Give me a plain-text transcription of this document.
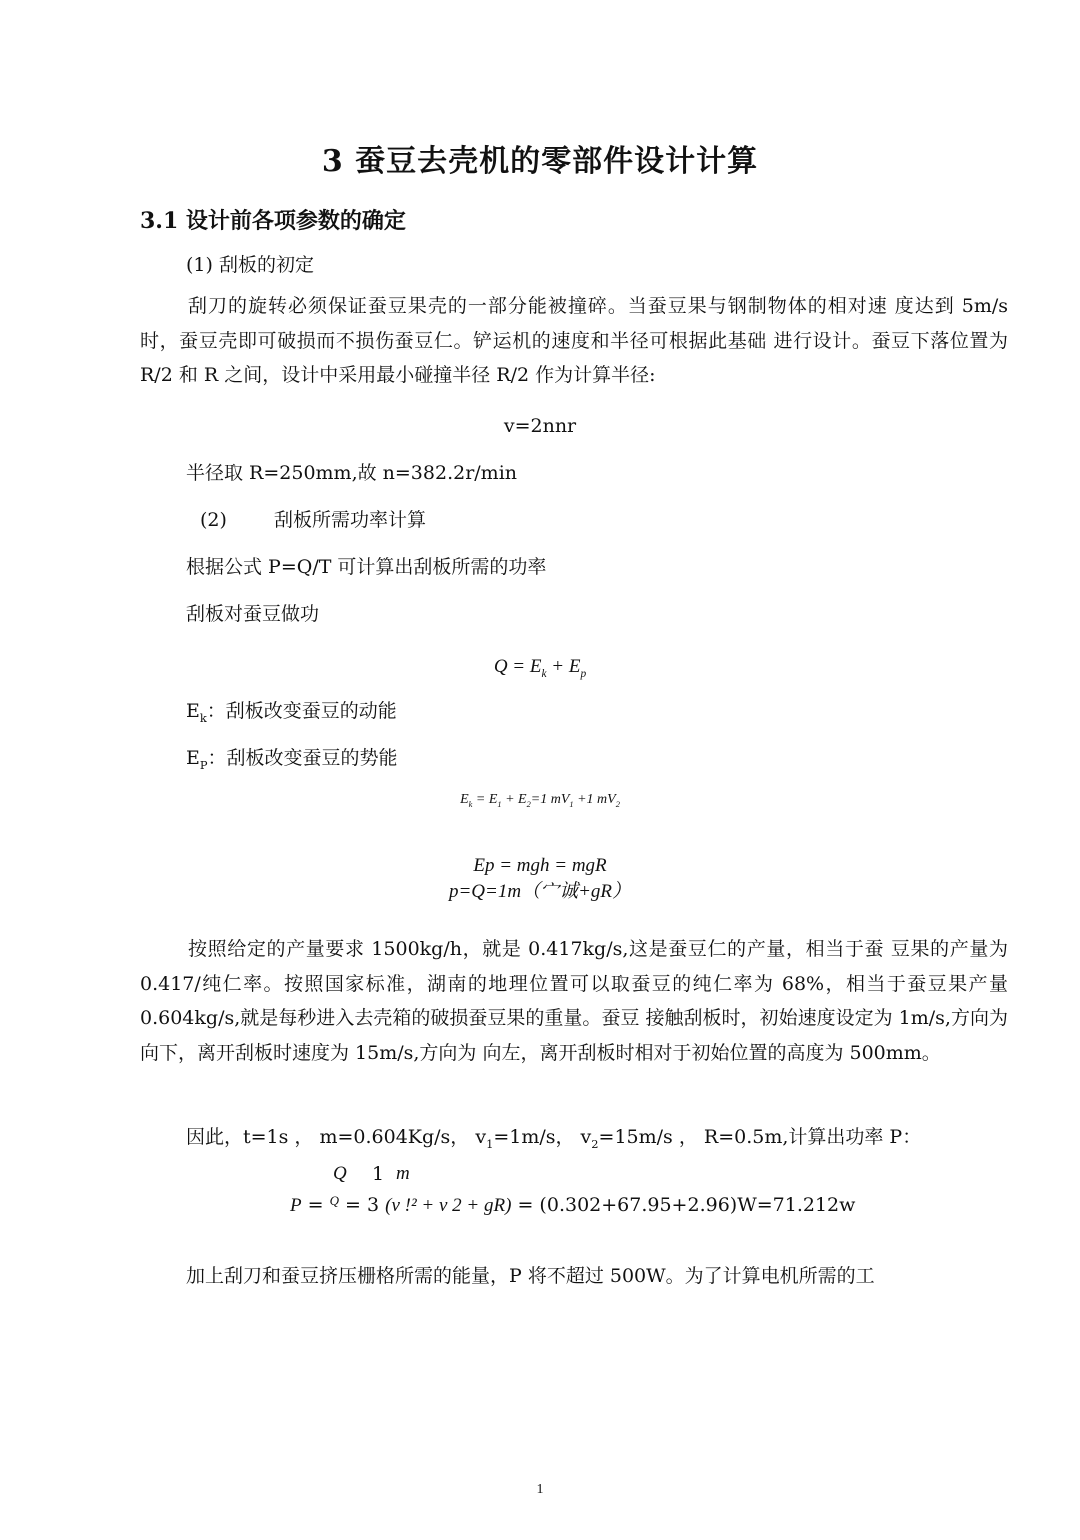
3 蚕豆去壳机的零部件设计计算
3.1 设计前各项参数的确定
(1) 刮板的初定
刮刀的旋转必须保证蚕豆果壳的一部分能被撞碎。当蚕豆果与钢制物体的相对速 度达到 5m/s 时，蚕豆壳即可破损而不损伤蚕豆仁。铲运机的速度和半径可根据此基础 进行设计。蚕豆下落位置为 R/2 和 R 之间，设计中采用最小碰撞半径 R/2 作为计算半径:
v=2nnr
半径取 R=250mm,故 n=382.2r/min
(2) 刮板所需功率计算
根据公式 P=Q/T 可计算出刮板所需的功率
刮板对蚕豆做功
$Q = E_k + E_p$
$E_k$：刮板改变蚕豆的动能
$E_P$：刮板改变蚕豆的势能
$E_k = E_1 + E_2=1$ $mV_1 +1$ $mV_2$
Ep = mgh = mgR
p=Q=1m（宀诚+gR）
按照给定的产量要求 1500kg/h，就是 0.417kg/s,这是蚕豆仁的产量，相当于蚕 豆果的产量为 0.417/纯仁率。按照国家标准，湖南的地理位置可以取蚕豆的纯仁率为 68%，相当于蚕豆果产量 0.604kg/s,就是每秒进入去壳箱的破损蚕豆果的重量。蚕豆 接触刮板时，初始速度设定为 1m/s,方向为向下，离开刮板时速度为 15m/s,方向为 向左，离开刮板时相对于初始位置的高度为 500mm。
因此，t=1s ， m=0.604Kg/s， $v_1=1m/s$， $v_2=15m/s$ ， R=0.5m,计算出功率 P：
Q 1 m
P = $^Q$ = 3 (v !² + v 2 + gR) = (0.302+67.95+2.96)W=71.212w
加上刮刀和蚕豆挤压栅格所需的能量，P 将不超过 500W。为了计算电机所需的工
1
